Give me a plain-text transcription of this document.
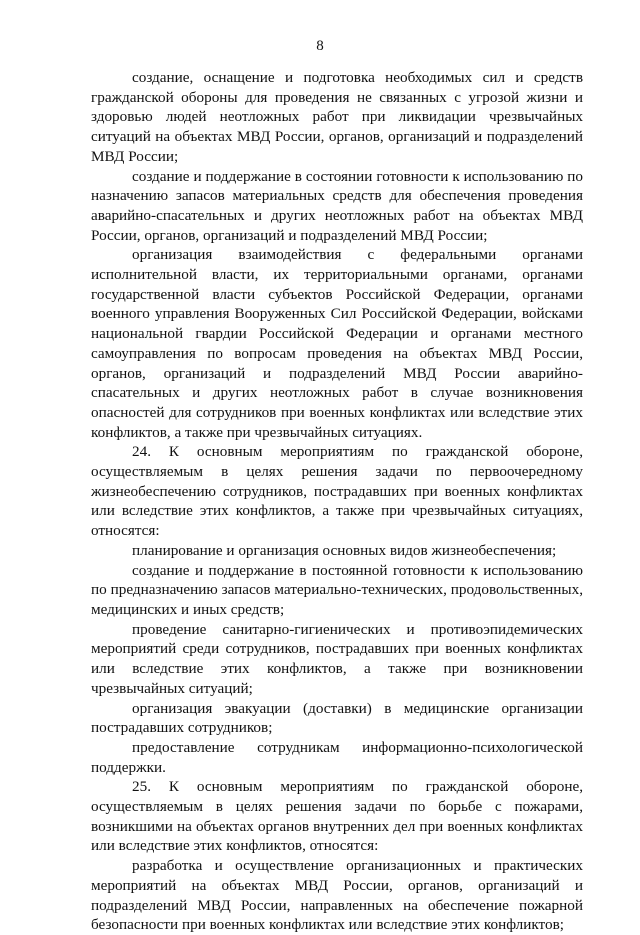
8

создание, оснащение и подготовка необходимых сил и средств гражданской обороны для проведения не связанных с угрозой жизни и здоровью людей неотложных работ при ликвидации чрезвычайных ситуаций на объектах МВД России, органов, организаций и подразделений МВД России;

создание и поддержание в состоянии готовности к использованию по назначению запасов материальных средств для обеспечения проведения аварийно-спасательных и других неотложных работ на объектах МВД России, органов, организаций и подразделений МВД России;

организация взаимодействия с федеральными органами исполнительной власти, их территориальными органами, органами государственной власти субъектов Российской Федерации, органами военного управления Вооруженных Сил Российской Федерации, войсками национальной гвардии Российской Федерации и органами местного самоуправления по вопросам проведения на объектах МВД России, органов, организаций и подразделений МВД России аварийно-спасательных и других неотложных работ в случае возникновения опасностей для сотрудников при военных конфликтах или вследствие этих конфликтов, а также при чрезвычайных ситуациях.

24. К основным мероприятиям по гражданской обороне, осуществляемым в целях решения задачи по первоочередному жизнеобеспечению сотрудников, пострадавших при военных конфликтах или вследствие этих конфликтов, а также при чрезвычайных ситуациях, относятся:

планирование и организация основных видов жизнеобеспечения;

создание и поддержание в постоянной готовности к использованию по предназначению запасов материально-технических, продовольственных, медицинских и иных средств;

проведение санитарно-гигиенических и противоэпидемических мероприятий среди сотрудников, пострадавших при военных конфликтах или вследствие этих конфликтов, а также при возникновении чрезвычайных ситуаций;

организация эвакуации (доставки) в медицинские организации пострадавших сотрудников;

предоставление сотрудникам информационно-психологической поддержки.

25. К основным мероприятиям по гражданской обороне, осуществляемым в целях решения задачи по борьбе с пожарами, возникшими на объектах органов внутренних дел при военных конфликтах или вследствие этих конфликтов, относятся:

разработка и осуществление организационных и практических мероприятий на объектах МВД России, органов, организаций и подразделений МВД России, направленных на обеспечение пожарной безопасности при военных конфликтах или вследствие этих конфликтов;
